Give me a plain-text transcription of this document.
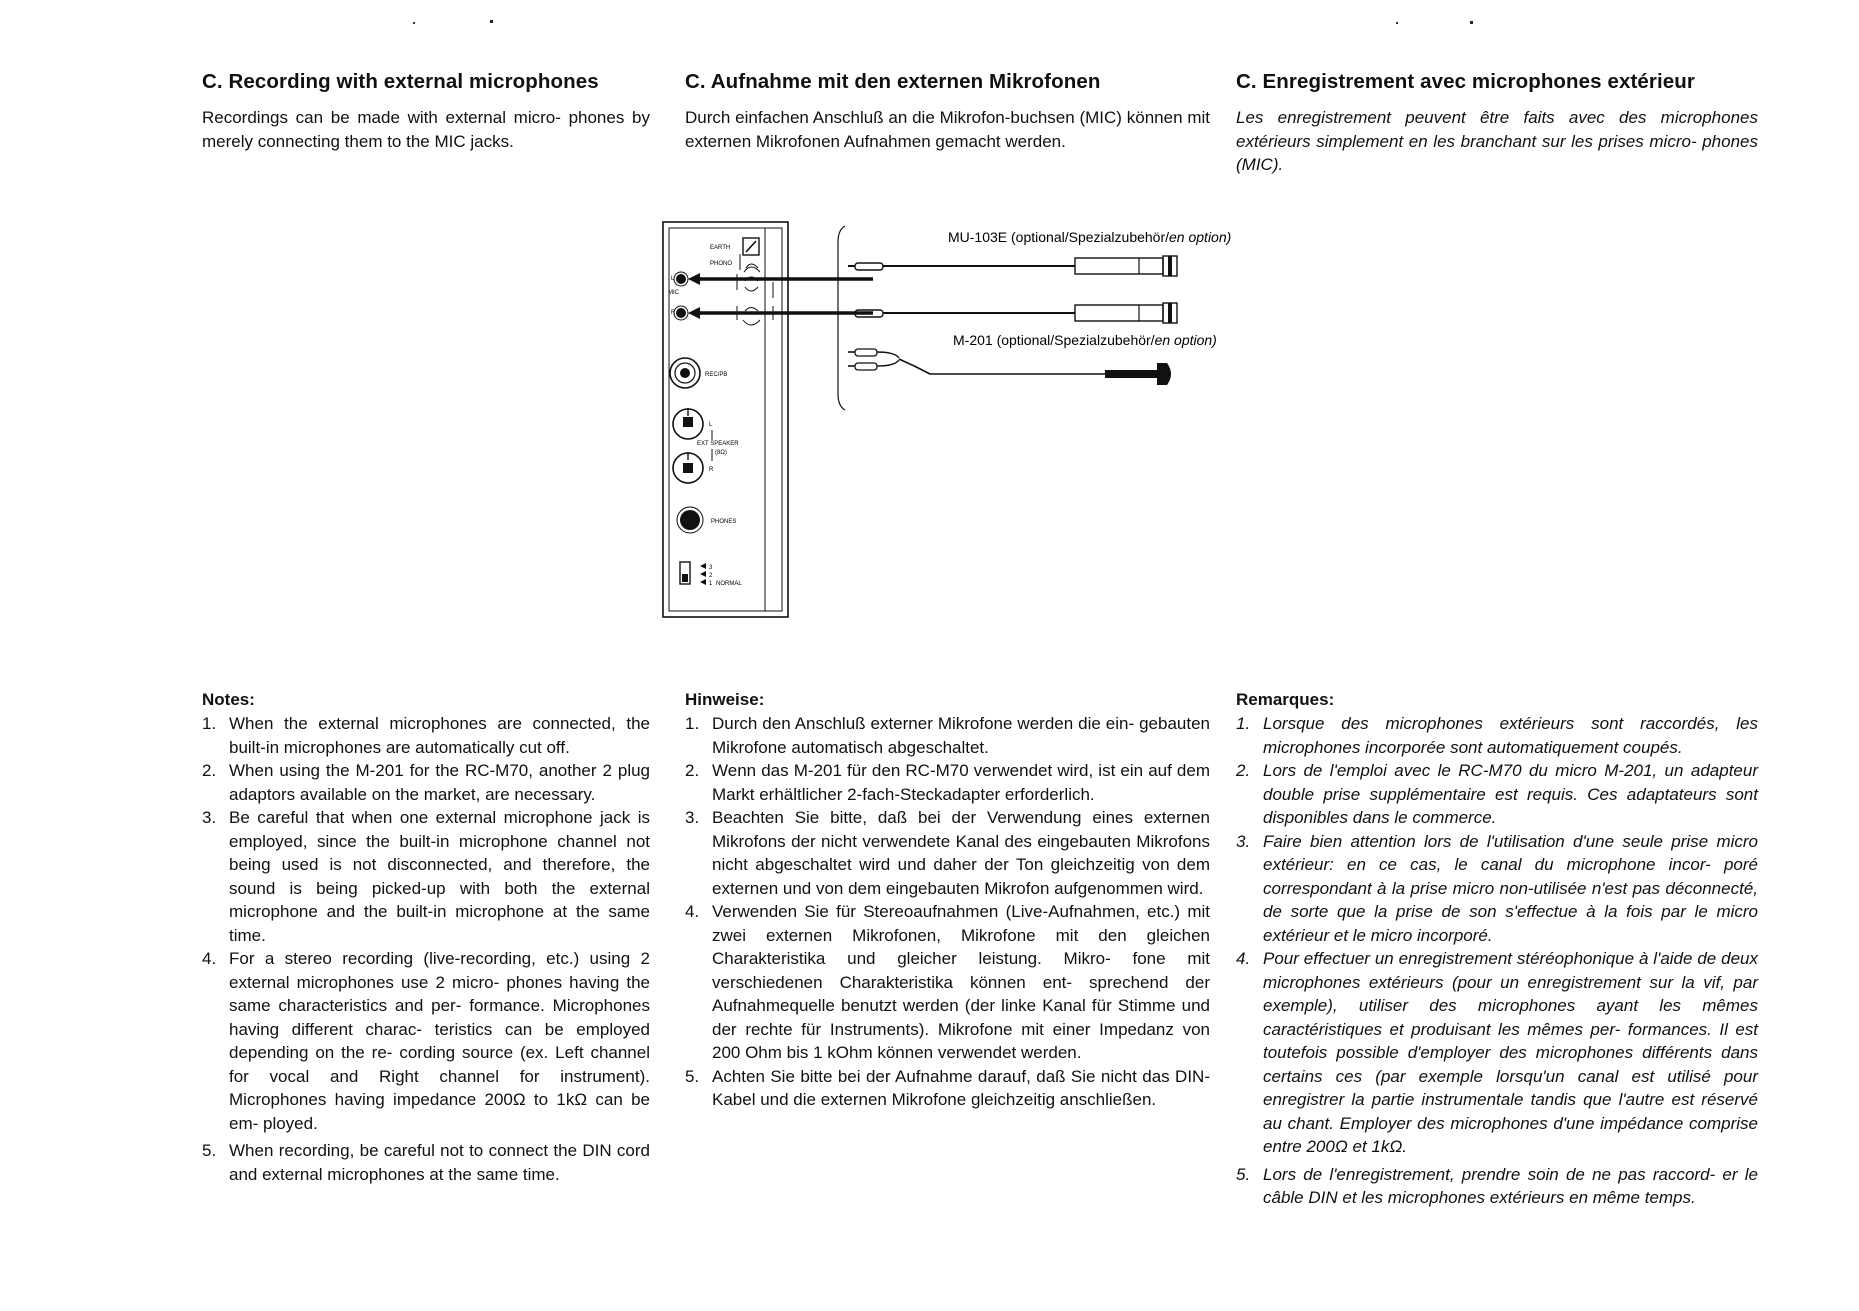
C. Recording with external microphones

Recordings can be made with external micro- phones by merely connecting them to the MIC jacks.

Notes:
1. When the external microphones are connected, the built-in microphones are automatically cut off.
2. When using the M-201 for the RC-M70, another 2 plug adaptors available on the market, are necessary.
3. Be careful that when one external microphone jack is employed, since the built-in microphone channel not being used is not disconnected, and therefore, the sound is being picked-up with both the external microphone and the built-in microphone at the same time.
4. For a stereo recording (live-recording, etc.) using 2 external microphones use 2 micro- phones having the same characteristics and per- formance. Microphones having different charac- teristics can be employed depending on the re- cording source (ex. Left channel for vocal and Right channel for instrument). Microphones having impedance 200Ω to 1kΩ can be em- ployed.
5. When recording, be careful not to connect the DIN cord and external microphones at the same time.
C. Aufnahme mit den externen Mikrofonen

Durch einfachen Anschluß an die Mikrofon-buchsen (MIC) können mit externen Mikrofonen Aufnahmen gemacht werden.

Hinweise:
1. Durch den Anschluß externer Mikrofone werden die ein- gebauten Mikrofone automatisch abgeschaltet.
2. Wenn das M-201 für den RC-M70 verwendet wird, ist ein auf dem Markt erhältlicher 2-fach-Steckadapter erforderlich.
3. Beachten Sie bitte, daß bei der Verwendung eines externen Mikrofons der nicht verwendete Kanal des eingebauten Mikrofons nicht abgeschaltet wird und daher der Ton gleichzeitig von dem externen und von dem eingebauten Mikrofon aufgenommen wird.
4. Verwenden Sie für Stereoaufnahmen (Live-Aufnahmen, etc.) mit zwei externen Mikrofonen, Mikrofone mit den gleichen Charakteristika und gleicher leistung. Mikro- fone mit verschiedenen Charakteristika können ent- sprechend der Aufnahmequelle benutzt werden (der linke Kanal für Stimme und der rechte für Instruments). Mikrofone mit einer Impedanz von 200 Ohm bis 1 kOhm können verwendet werden.
5. Achten Sie bitte bei der Aufnahme darauf, daß Sie nicht das DIN-Kabel und die externen Mikrofone gleichzeitig anschließen.
C. Enregistrement avec microphones extérieur

Les enregistrement peuvent être faits avec des microphones extérieurs simplement en les branchant sur les prises micro- phones (MIC).

Remarques:
1. Lorsque des microphones extérieurs sont raccordés, les microphones incorporée sont automatiquement coupés.
2. Lors de l'emploi avec le RC-M70 du micro M-201, un adapteur double prise supplémentaire est requis. Ces adaptateurs sont disponibles dans le commerce.
3. Faire bien attention lors de l'utilisation d'une seule prise micro extérieur: en ce cas, le canal du microphone incor- poré correspondant à la prise micro non-utilisée n'est pas déconnecté, de sorte que la prise de son s'effectue à la fois par le micro extérieur et le micro incorporé.
4. Pour effectuer un enregistrement stéréophonique à l'aide de deux microphones extérieurs (pour un enregistrement sur la vif, par exemple), utiliser des microphones ayant les mêmes caractéristiques et produisant les mêmes per- formances. Il est toutefois possible d'employer des microphones différents dans certains ces (par exemple lorsqu'un canal est utilisé pour enregistrer la partie instrumentale tandis que l'autre est réservé au chant. Employer des microphones d'une impédance comprise entre 200Ω et 1kΩ.
5. Lors de l'enregistrement, prendre soin de ne pas raccord- er le câble DIN et les microphones extérieurs en même temps.
EARTH
PHONO
L
MIC
R
REC/PB
L
EXT SPEAKER
(8Ω)
R
PHONES
3
2
1 NORMAL
MU-103E (optional/Spezialzubehör/en option)
M-201 (optional/Spezialzubehör/en option)
